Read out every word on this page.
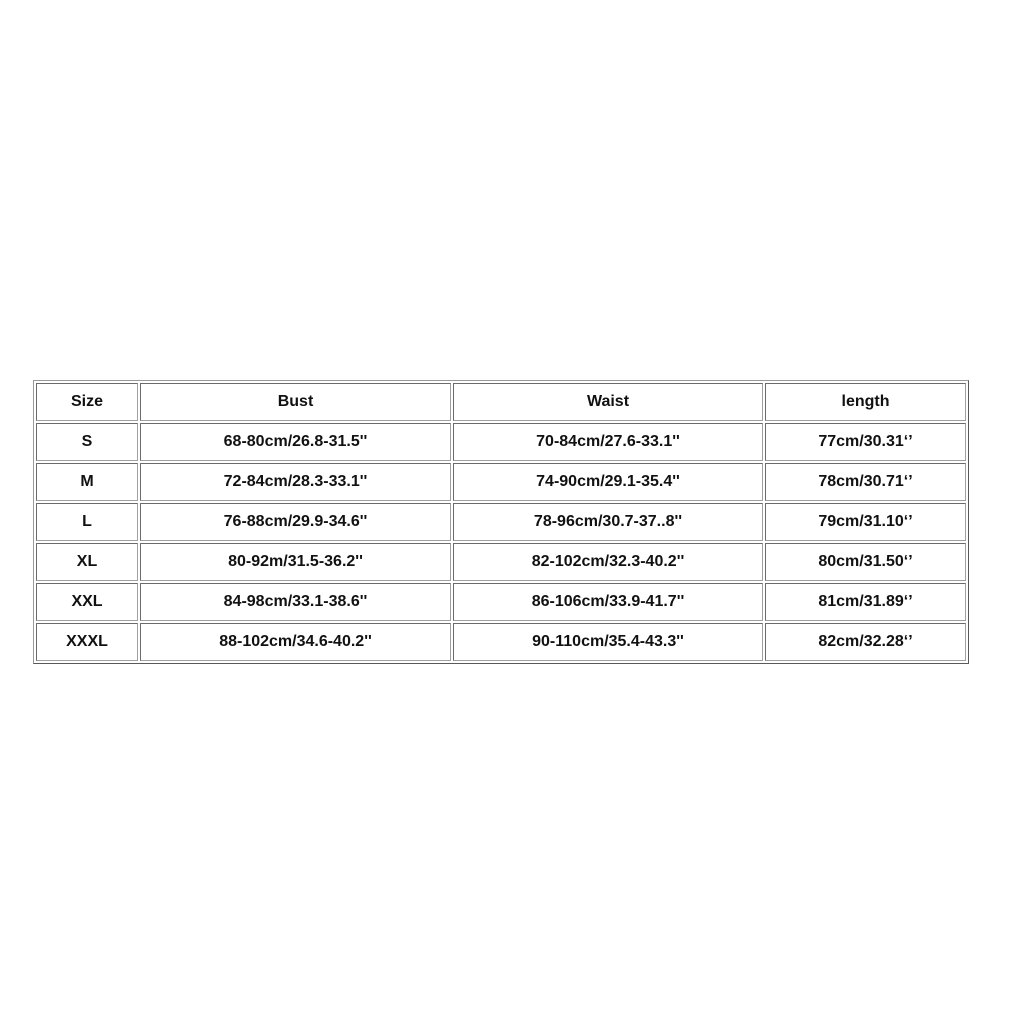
Size	Bust	Waist	length
S	68-80cm/26.8-31.5''	70-84cm/27.6-33.1''	77cm/30.31‘’
M	72-84cm/28.3-33.1''	74-90cm/29.1-35.4''	78cm/30.71‘’
L	76-88cm/29.9-34.6''	78-96cm/30.7-37..8''	79cm/31.10‘’
XL	80-92m/31.5-36.2''	82-102cm/32.3-40.2''	80cm/31.50‘’
XXL	84-98cm/33.1-38.6''	86-106cm/33.9-41.7''	81cm/31.89‘’
XXXL	88-102cm/34.6-40.2''	90-110cm/35.4-43.3''	82cm/32.28‘’
